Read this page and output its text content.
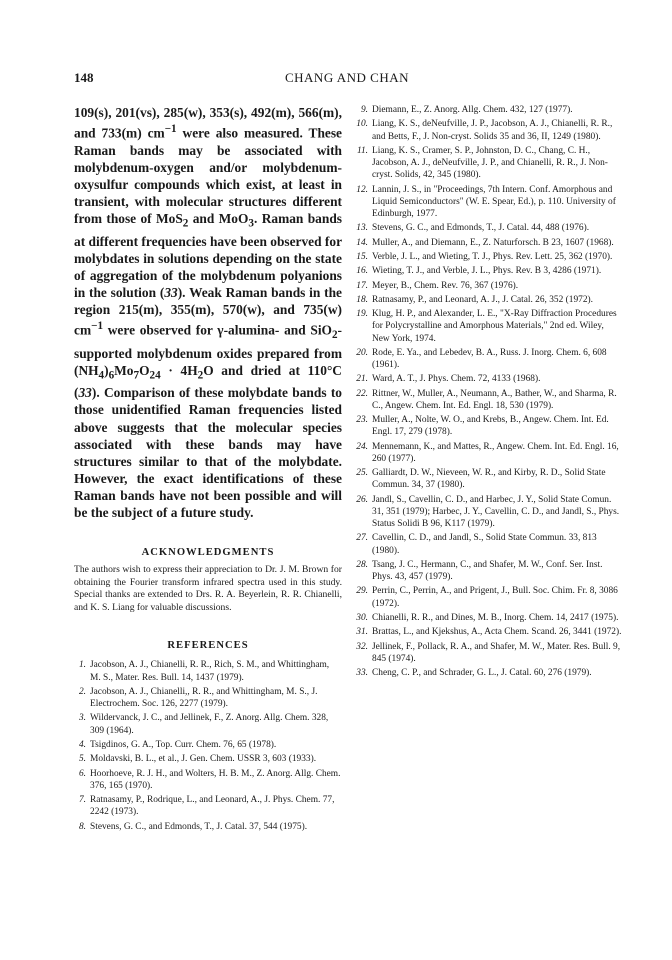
148	CHANG AND CHAN

109(s), 201(vs), 285(w), 353(s), 492(m), 566(m), and 733(m) $cm^{-1}$ were also measured. These Raman bands may be associated with molybdenum-oxygen and/or molybdenum-oxysulfur compounds which exist, at least in transient, with molecular structures different from those of MoS$_2$ and MoO$_3$. Raman bands at different frequencies have been observed for molybdates in solutions depending on the state of aggregation of the molybdenum polyanions in the solution (33). Weak Raman bands in the region 215(m), 355(m), 570(w), and 735(w) $cm^{-1}$ were observed for γ-alumina- and SiO$_2$-supported molybdenum oxides prepared from $(NH_4)_6Mo_7O_{24} \cdot 4H_2O$ and dried at 110°C (33). Comparison of these molybdate bands to those unidentified Raman frequencies listed above suggests that the molecular species associated with these bands may have structures similar to that of the molybdate. However, the exact identifications of these Raman bands have not been possible and will be the subject of a future study.

ACKNOWLEDGMENTS

The authors wish to express their appreciation to Dr. J. M. Brown for obtaining the Fourier transform infrared spectra used in this study. Special thanks are extended to Drs. R. A. Beyerlein, R. R. Chianelli, and K. S. Liang for valuable discussions.

REFERENCES
1. Jacobson, A. J., Chianelli, R. R., Rich, S. M., and Whittingham, M. S., Mater. Res. Bull. 14, 1437 (1979).
2. Jacobson, A. J., Chianelli,, R. R., and Whittingham, M. S., J. Electrochem. Soc. 126, 2277 (1979).
3. Wildervanck, J. C., and Jellinek, F., Z. Anorg. Allg. Chem. 328, 309 (1964).
4. Tsigdinos, G. A., Top. Curr. Chem. 76, 65 (1978).
5. Moldavski, B. L., et al., J. Gen. Chem. USSR 3, 603 (1933).
6. Hoorhoeve, R. J. H., and Wolters, H. B. M., Z. Anorg. Allg. Chem. 376, 165 (1970).
7. Ratnasamy, P., Rodrique, L., and Leonard, A., J. Phys. Chem. 77, 2242 (1973).
8. Stevens, G. C., and Edmonds, T., J. Catal. 37, 544 (1975).
9. Diemann, E., Z. Anorg. Allg. Chem. 432, 127 (1977).
10. Liang, K. S., deNeufville, J. P., Jacobson, A. J., Chianelli, R. R., and Betts, F., J. Non-cryst. Solids 35 and 36, II, 1249 (1980).
11. Liang, K. S., Cramer, S. P., Johnston, D. C., Chang, C. H., Jacobson, A. J., deNeufville, J. P., and Chianelli, R. R., J. Non-cryst. Solids, 42, 345 (1980).
12. Lannin, J. S., in "Proceedings, 7th Intern. Conf. Amorphous and Liquid Semiconductors" (W. E. Spear, Ed.), p. 110. University of Edinburgh, 1977.
13. Stevens, G. C., and Edmonds, T., J. Catal. 44, 488 (1976).
14. Muller, A., and Diemann, E., Z. Naturforsch. B 23, 1607 (1968).
15. Verble, J. L., and Wieting, T. J., Phys. Rev. Lett. 25, 362 (1970).
16. Wieting, T. J., and Verble, J. L., Phys. Rev. B 3, 4286 (1971).
17. Meyer, B., Chem. Rev. 76, 367 (1976).
18. Ratnasamy, P., and Leonard, A. J., J. Catal. 26, 352 (1972).
19. Klug, H. P., and Alexander, L. E., "X-Ray Diffraction Procedures for Polycrystalline and Amorphous Materials," 2nd ed. Wiley, New York, 1974.
20. Rode, E. Ya., and Lebedev, B. A., Russ. J. Inorg. Chem. 6, 608 (1961).
21. Ward, A. T., J. Phys. Chem. 72, 4133 (1968).
22. Rittner, W., Muller, A., Neumann, A., Bather, W., and Sharma, R. C., Angew. Chem. Int. Ed. Engl. 18, 530 (1979).
23. Muller, A., Nolte, W. O., and Krebs, B., Angew. Chem. Int. Ed. Engl. 17, 279 (1978).
24. Mennemann, K., and Mattes, R., Angew. Chem. Int. Ed. Engl. 16, 260 (1977).
25. Galliardt, D. W., Nieveen, W. R., and Kirby, R. D., Solid State Commun. 34, 37 (1980).
26. Jandl, S., Cavellin, C. D., and Harbec, J. Y., Solid State Comun. 31, 351 (1979); Harbec, J. Y., Cavellin, C. D., and Jandl, S., Phys. Status Solidi B 96, K117 (1979).
27. Cavellin, C. D., and Jandl, S., Solid State Commun. 33, 813 (1980).
28. Tsang, J. C., Hermann, C., and Shafer, M. W., Conf. Ser. Inst. Phys. 43, 457 (1979).
29. Perrin, C., Perrin, A., and Prigent, J., Bull. Soc. Chim. Fr. 8, 3086 (1972).
30. Chianelli, R. R., and Dines, M. B., Inorg. Chem. 14, 2417 (1975).
31. Brattas, L., and Kjekshus, A., Acta Chem. Scand. 26, 3441 (1972).
32. Jellinek, F., Pollack, R. A., and Shafer, M. W., Mater. Res. Bull. 9, 845 (1974).
33. Cheng, C. P., and Schrader, G. L., J. Catal. 60, 276 (1979).
